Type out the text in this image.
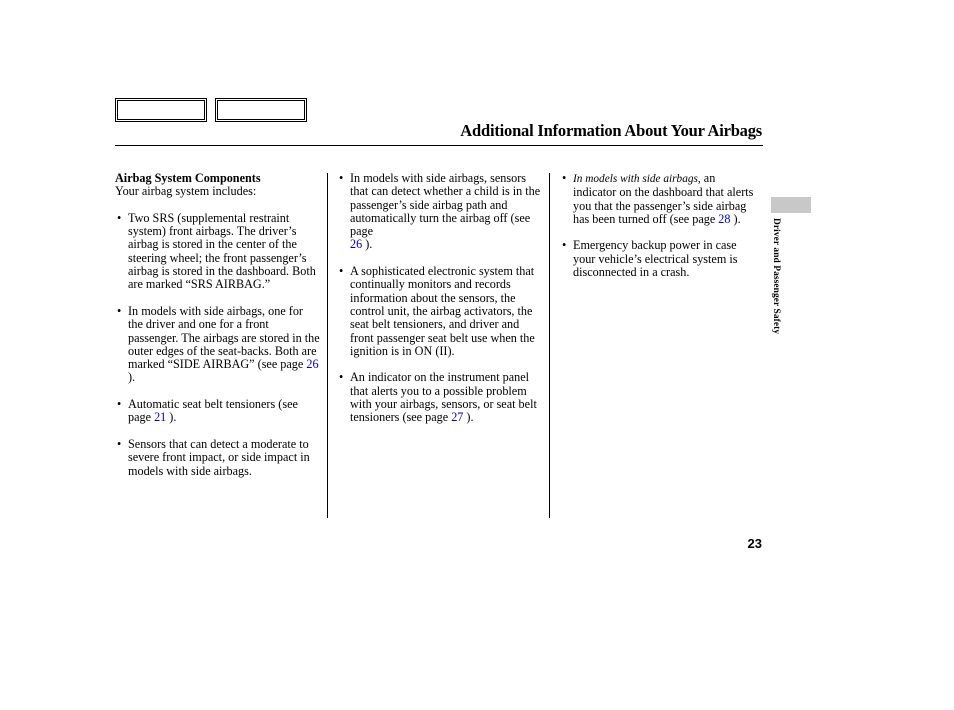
Additional Information About Your Airbags
Airbag System Components
Your airbag system includes:
• Two SRS (supplemental restraint system) front airbags. The driver’s airbag is stored in the center of the steering wheel; the front passenger’s airbag is stored in the dashboard. Both are marked “SRS AIRBAG.”
• In models with side airbags, one for the driver and one for a front passenger. The airbags are stored in the outer edges of the seat-backs. Both are marked “SIDE AIRBAG” (see page 26 ).
• Automatic seat belt tensioners (see page 21 ).
• Sensors that can detect a moderate to severe front impact, or side impact in models with side airbags.
• In models with side airbags, sensors that can detect whether a child is in the passenger’s side airbag path and automatically turn the airbag off (see page
26 ).
• A sophisticated electronic system that continually monitors and records information about the sensors, the control unit, the airbag activators, the seat belt tensioners, and driver and front passenger seat belt use when the ignition is in ON (II).
• An indicator on the instrument panel that alerts you to a possible problem with your airbags, sensors, or seat belt tensioners (see page 27 ).
• In models with side airbags, an indicator on the dashboard that alerts you that the passenger’s side airbag has been turned off (see page 28 ).
• Emergency backup power in case your vehicle’s electrical system is disconnected in a crash.	Driver and Passenger Safety
23
